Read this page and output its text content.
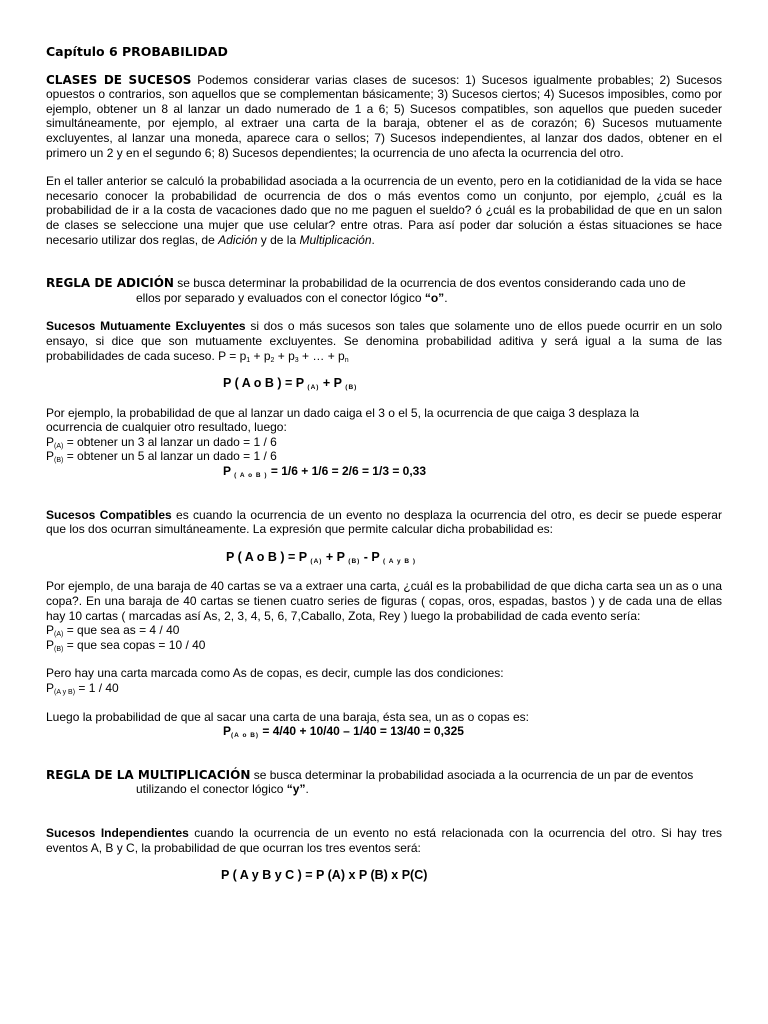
Capítulo 6 PROBABILIDAD

CLASES DE SUCESOS Podemos considerar varias clases de sucesos: 1) Sucesos igualmente probables; 2) Sucesos opuestos o contrarios, son aquellos que se complementan básicamente; 3) Sucesos ciertos; 4) Sucesos imposibles, como por ejemplo, obtener un 8 al lanzar un dado numerado de 1 a 6; 5) Sucesos compatibles, son aquellos que pueden suceder simultáneamente, por ejemplo, al extraer una carta de la baraja, obtener el as de corazón; 6) Sucesos mutuamente excluyentes, al lanzar una moneda, aparece cara o sellos; 7) Sucesos independientes, al lanzar dos dados, obtener en el primero un 2 y en el segundo 6; 8) Sucesos dependientes; la ocurrencia de uno afecta la ocurrencia del otro.

En el taller anterior se calculó la probabilidad asociada a la ocurrencia de un evento, pero en la cotidianidad de la vida se hace necesario conocer la probabilidad de ocurrencia de dos o más eventos como un conjunto, por ejemplo, ¿cuál es la probabilidad de ir a la costa de vacaciones dado que no me paguen el sueldo? ó ¿cuál es la probabilidad de que en un salon de clases se seleccione una mujer que use celular? entre otras. Para así poder dar solución a éstas situaciones se hace necesario utilizar dos reglas, de Adición y de la Multiplicación.

REGLA DE ADICIÓN se busca determinar la probabilidad de la ocurrencia de dos eventos considerando cada uno de

ellos por separado y evaluados con el conector lógico “o”.

Sucesos Mutuamente Excluyentes si dos o más sucesos son tales que solamente uno de ellos puede ocurrir en un solo ensayo, si dice que son mutuamente excluyentes. Se denomina probabilidad aditiva y será igual a la suma de las probabilidades de cada suceso. $P = p_1 + p_2 + p_3$ + … + $p_n$

P ( A o B ) = P $_{(A)}$ + P $_{(B)}$

Por ejemplo, la probabilidad de que al lanzar un dado caiga el 3 o el 5, la ocurrencia de que caiga 3 desplaza la

ocurrencia de cualquier otro resultado, luego:

$P_{(A)}$ = obtener un 3 al lanzar un dado = 1 / 6

$P_{(B)}$ = obtener un 5 al lanzar un dado = 1 / 6

P $_{( A o B )}$ = 1/6 + 1/6 = 2/6 = 1/3 = 0,33

Sucesos Compatibles es cuando la ocurrencia de un evento no desplaza la ocurrencia del otro, es decir se puede esperar que los dos ocurran simultáneamente. La expresión que permite calcular dicha probabilidad es:

P ( A o B ) = P $_{(A)}$ + P $_{(B)}$ - P $_{( A y B )}$

Por ejemplo, de una baraja de 40 cartas se va a extraer una carta, ¿cuál es la probabilidad de que dicha carta sea un as o una copa?. En una baraja de 40 cartas se tienen cuatro series de figuras ( copas, oros, espadas, bastos ) y de cada una de ellas hay 10 cartas ( marcadas así As, 2, 3, 4, 5, 6, 7,Caballo, Zota, Rey ) luego la probabilidad de cada evento sería:

$P_{(A)}$ = que sea as = 4 / 40

$P_{(B)}$ = que sea copas = 10 / 40

Pero hay una carta marcada como As de copas, es decir, cumple las dos condiciones:

$P_{(A y B)} = 1 / 40$

Luego la probabilidad de que al sacar una carta de una baraja, ésta sea, un as o copas es:

$P_{(A o B)} = 4/40 + 10/40 - 1/40 = 13/40 = 0,325$

REGLA DE LA MULTIPLICACIÓN se busca determinar la probabilidad asociada a la ocurrencia de un par de eventos

utilizando el conector lógico “y”.

Sucesos Independientes cuando la ocurrencia de un evento no está relacionada con la ocurrencia del otro. Si hay tres eventos A, B y C, la probabilidad de que ocurran los tres eventos será:

P ( A y B y C ) = P (A) x P (B) x P(C)
